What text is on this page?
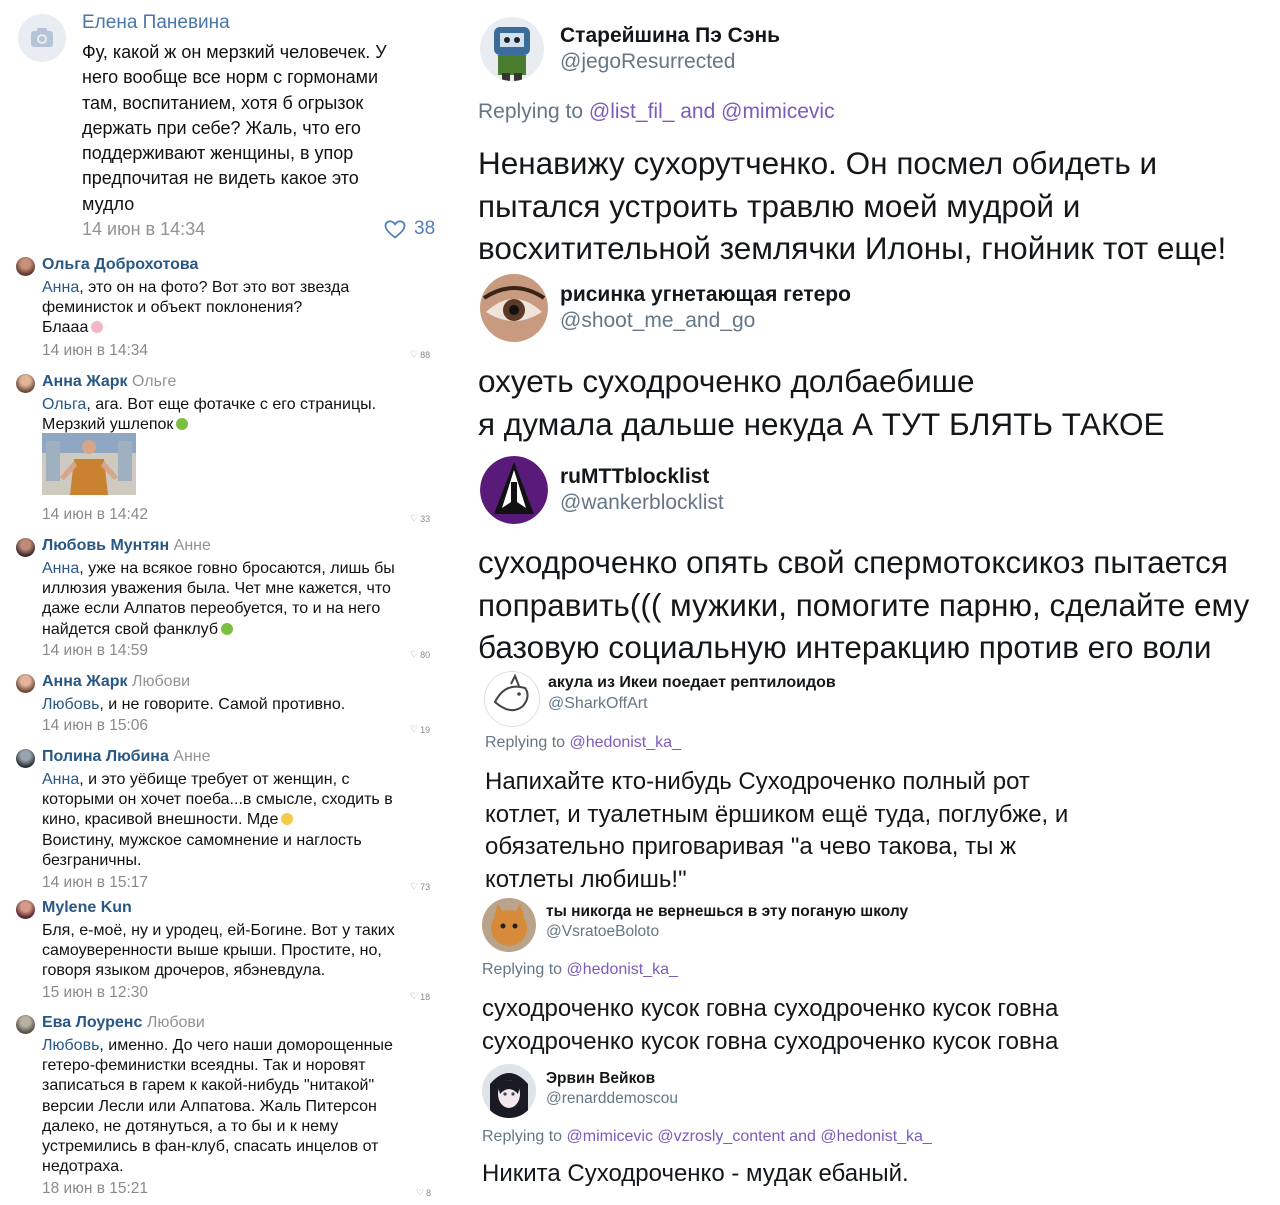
Елена Паневина
Фу, какой ж он мерзкий человечек. У
него вообще все норм с гормонами
там, воспитанием, хотя б огрызок
держать при себе? Жаль, что его
поддерживают женщины, в упор
предпочитая не видеть какое это
мудло
14 июн в 14:34	38
Ольга Доброхотова
Анна, это он на фото? Вот это вот звезда
феминисток и объект поклонения?
Блааа
14 июн в 14:34	♡ 88
Анна Жарк Ольге
Ольга, ага. Вот еще фотачке с его страницы.
Мерзкий ушлепок
14 июн в 14:42	♡ 33
Любовь Мунтян Анне
Анна, уже на всякое говно бросаются, лишь бы
иллюзия уважения была. Чет мне кажется, что
даже если Алпатов переобуется, то и на него
найдется свой фанклуб
14 июн в 14:59	♡ 80
Анна Жарк Любови
Любовь, и не говорите. Самой противно.
14 июн в 15:06	♡ 19
Полина Любина Анне
Анна, и это уёбище требует от женщин, с
которыми он хочет поеба...в смысле, сходить в
кино, красивой внешности. Мде
Воистину, мужское самомнение и наглость
безграничны.
14 июн в 15:17	♡ 73
Mylene Kun
Бля, е-моё, ну и уродец, ей-Богине. Вот у таких
самоуверенности выше крыши. Простите, но,
говоря языком дрочеров, ябэневдула.
15 июн в 12:30	♡ 18
Ева Лоуренс Любови
Любовь, именно. До чего наши доморощенные
гетеро-феминистки всеядны. Так и норовят
записаться в гарем к какой-нибудь "нитакой"
версии Лесли или Алпатова. Жаль Питерсон
далеко, не дотянуться, а то бы и к нему
устремились в фан-клуб, спасать инцелов от
недотраха.
18 июн в 15:21	♡ 8
Старейшина Пэ Сэнь
@jegoResurrected
Replying to @list_fil_ and @mimicevic
Ненавижу сухорутченко. Он посмел обидеть и
пытался устроить травлю моей мудрой и
восхитительной землячки Илоны, гнойник тот еще!
рисинка угнетающая гетеро
@shoot_me_and_go
охуеть суходроченко долбаебише
я думала дальше некуда А ТУТ БЛЯТЬ ТАКОЕ
ruMTTblocklist
@wankerblocklist
суходроченко опять свой спермотоксикоз пытается
поправить((( мужики, помогите парню, сделайте ему
базовую социальную интеракцию против его воли
акула из Икеи поедает рептилоидов
@SharkOffArt
Replying to @hedonist_ka_
Напихайте кто-нибудь Суходроченко полный рот
котлет, и туалетным ёршиком ещё туда, поглубже, и
обязательно приговаривая "а чево такова, ты ж
котлеты любишь!"
ты никогда не вернешься в эту поганую школу
@VsratoeBoloto
Replying to @hedonist_ka_
суходроченко кусок говна суходроченко кусок говна
суходроченко кусок говна суходроченко кусок говна
Эрвин Вейков
@renarddemoscou
Replying to @mimicevic @vzrosly_content and @hedonist_ka_
Никита Суходроченко - мудак ебаный.
